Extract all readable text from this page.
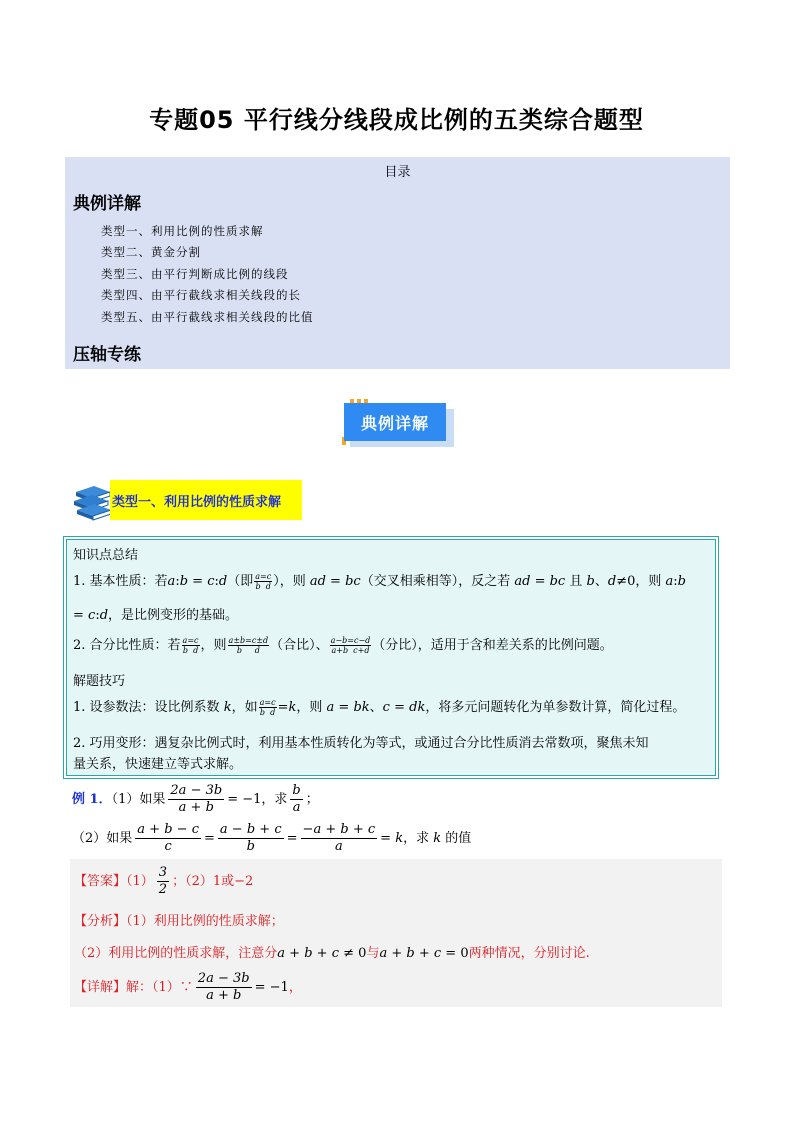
专题05 平行线分线段成比例的五类综合题型
目录
典例详解
类型一、利用比例的性质求解
类型二、黄金分割
类型三、由平行判断成比例的线段
类型四、由平行截线求相关线段的长
类型五、由平行截线求相关线段的比值
压轴专练
典例详解
类型一、利用比例的性质求解
知识点总结
1. 基本性质：若a:b = c:d（即 $\frac{a=c}{\text{b d}}$ ），则 ad = bc（交叉相乘相等），反之若 ad = bc 且 b、d≠0，则 a:b
= c:d，是比例变形的基础。
2. 合分比性质：若 $\frac{a=c}{\text{b d}}$ ，则 $\frac{a\pm b=c\pm d}{\text{b d}}$ （合比）、 $\frac{a-b=c-d}{\text{a+b c+d}}$ （分比），适用于含和差关系的比例问题。
解题技巧
1. 设参数法：设比例系数 k，如 $\frac{a=c}{\text{b d}} =k$，则 a = bk、c = dk，将多元问题转化为单参数计算，简化过程。
2. 巧用变形：遇复杂比例式时，利用基本性质转化为等式，或通过合分比性质消去常数项，聚焦未知
量关系，快速建立等式求解。
例 1．（1）如果 $\frac{2a - 3b}{a + b} = -1$，求 $\frac{b}{a}$ ；
（2）如果 $\frac{a + b - c}{c} = \frac{a - b + c}{b} = \frac{-a + b + c}{a} = k$，求 k 的值
【答案】$(1) \frac{3}{2}$ ；（2）1或−2
【分析】（1）利用比例的性质求解；
（2）利用比例的性质求解，注意分a + b + c ≠ 0与a + b + c = 0两种情况，分别讨论.
【详解】解：（1）∵ $\frac{2a - 3b}{a + b} = -1$，
